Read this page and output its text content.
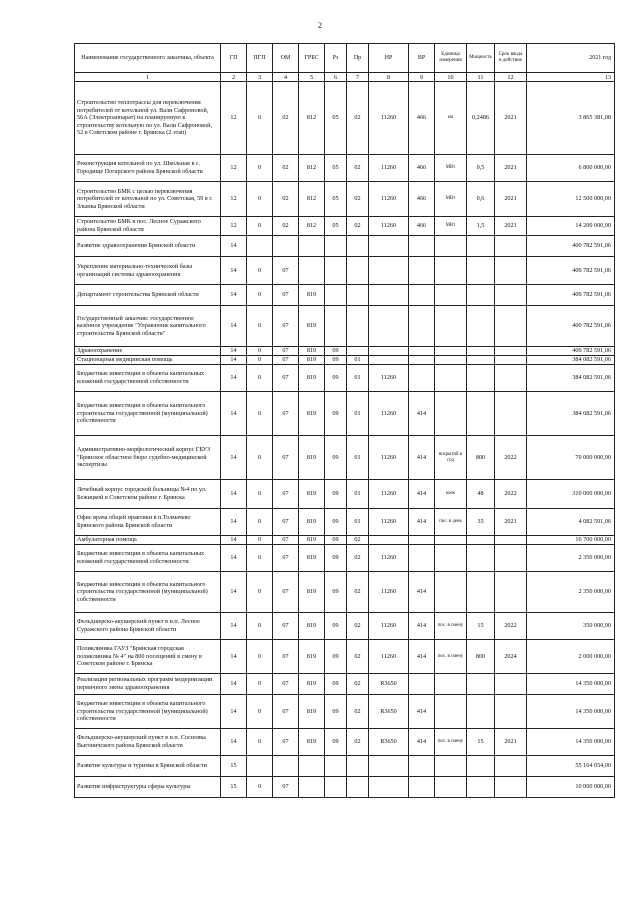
2
Наименование государственного заказчика, объекта	ГП	ПГП	ОМ	ГРБС	Рз	Пр	НР	ВР	Единица измерения	Мощность	Срок ввода в действие	2021 год
1	2	3	4	5	6	7	8	9	10	11	12	13
Строительство теплотрассы для переключения потребителей от котельной ул. Вали Сафроновой, 56А (Электроаппарат) на планируемую к строительству котельную по ул. Вали Сафроновой, 52 в Советском районе г. Брянска (2 этап)	12	0	02	812	05	02	11260	466	км	0,2486	2021	3 865 381,08
Реконструкция котельной по ул. Школьная в с. Городище Погарского района Брянской области	12	0	02	812	05	02	11260	466	МВт	0,5	2021	6 800 000,00
Строительство БМК с целью переключения потребителей от котельной по ул. Советская, 59 в г. Злынка Брянской области	12	0	02	812	05	02	11260	466	МВт	0,6	2021	12 500 000,00
Строительство БМК в пос. Лесное Суражского района Брянской области	12	0	02	812	05	02	11260	466	МВт	1,5	2021	14 200 000,00
Развитие здравоохранения Брянской области	14											400 782 591,06
Укрепление материально-технической базы организаций системы здравоохранения	14	0	07									400 782 591,06
Департамент строительства Брянской области	14	0	07	819								400 782 591,06
Государственный заказчик: государственное казённое учреждение "Управление капитального строительства Брянской области"	14	0	07	819								400 782 591,06
Здравоохранение	14	0	07	819	09							400 782 591,06
Стационарная медицинская помощь	14	0	07	819	09	01						384 082 591,06
Бюджетные инвестиции в объекты капитальных вложений государственной собственности	14	0	07	819	09	01	11260					384 082 591,06
Бюджетные инвестиции в объекты капитального строительства государственной (муниципальной) собственности	14	0	07	819	09	01	11260	414				384 082 591,06
Административно-морфологический корпус ГБУЗ "Брянское областное бюро судебно-медицинской экспертизы	14	0	07	819	09	01	11260	414	вскрытий в год	800	2022	70 000 000,00
Лечебный корпус городской больницы №4 по ул. Бежицкой в Советском районе г. Брянска	14	0	07	819	09	01	11260	414	коек	48	2022	310 000 000,00
Офис врача общей практики в п.Толмачево Брянского района Брянской области	14	0	07	819	09	01	11260	414	пос. в день	35	2021	4 082 591,06
Амбулаторная помощь	14	0	07	819	09	02						16 700 000,00
Бюджетные инвестиции в объекты капитальных вложений государственной собственности	14	0	07	819	09	02	11260					2 350 000,00
Бюджетные инвестиции в объекты капитального строительства государственной (муниципальной) собственности	14	0	07	819	09	02	11260	414				2 350 000,00
Фельдшерско-акушерский пункт в н.п. Лесное Суражского района Брянской области	14	0	07	819	09	02	11260	414	пос. в смену	15	2022	350 000,00
Поликлиника ГАУЗ "Брянская городская поликлиника № 4" на 800 посещений в смену в Советском районе г. Брянска	14	0	07	819	09	02	11260	414	пос. в смену	800	2024	2 000 000,00
Реализация региональных программ модернизации первичного звена здравоохранения	14	0	07	819	09	02	R3650					14 350 000,00
Бюджетные инвестиции в объекты капитального строительства государственной (муниципальной) собственности	14	0	07	819	09	02	R3650	414				14 350 000,00
Фельдшерско-акушерский пункт в н.п. Сосновка Выгоничского района Брянской области	14	0	07	819	09	02	R3650	414	пос. в смену	15	2021	14 350 000,00
Развитие культуры и туризма в Брянской области	15											55 164 054,00
Развитие инфраструктуры сферы культуры	15	0	07									10 000 000,00
